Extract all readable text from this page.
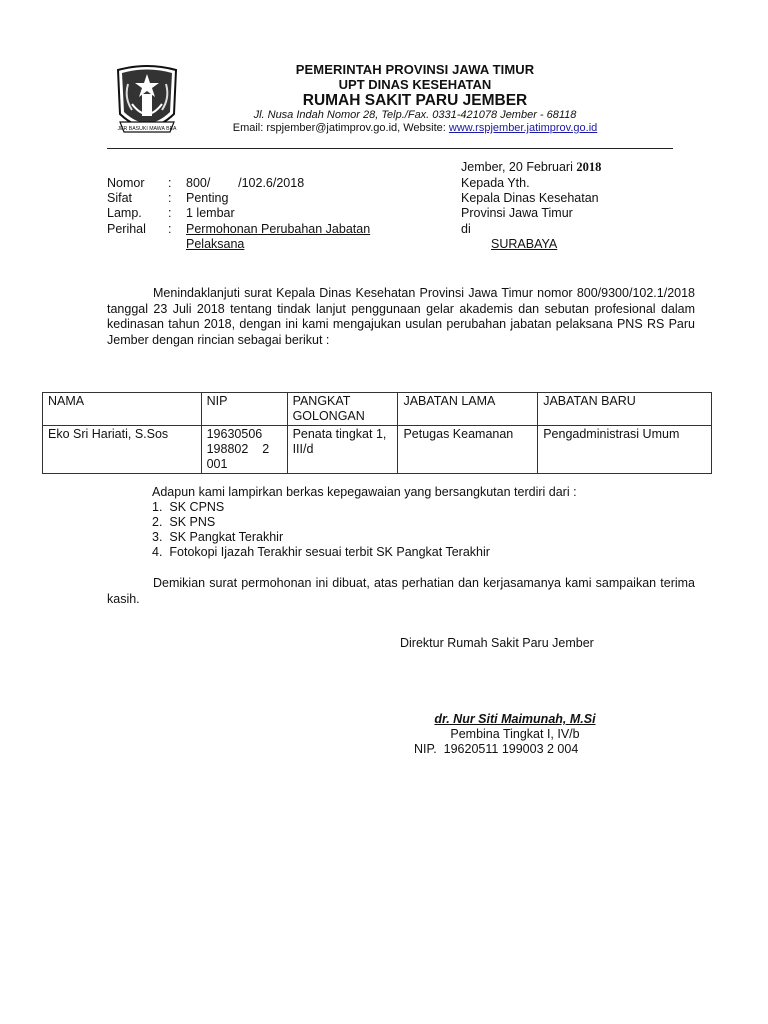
JER BASUKI MAWA BEA
PEMERINTAH PROVINSI JAWA TIMUR
UPT DINAS KESEHATAN
RUMAH SAKIT PARU JEMBER
Jl. Nusa Indah Nomor 28, Telp./Fax. 0331-421078 Jember - 68118
Email: rspjember@jatimprov.go.id, Website: www.rspjember.jatimprov.go.id
Jember, 20 Februari 2018
Nomor : 800/        /102.6/2018
Sifat	: Penting
Lamp. : 1 lembar
Perihal : Permohonan Perubahan Jabatan
Pelaksana
Kepada Yth.
Kepala Dinas Kesehatan
Provinsi Jawa Timur
di
SURABAYA
Menindaklanjuti surat Kepala Dinas Kesehatan Provinsi Jawa Timur nomor 800/9300/102.1/2018 tanggal 23 Juli 2018 tentang tindak lanjut penggunaan gelar akademis dan sebutan profesional dalam kedinasan tahun 2018, dengan ini kami mengajukan usulan perubahan jabatan pelaksana PNS RS Paru Jember dengan rincian sebagai berikut :
NAMA	NIP	PANGKAT GOLONGAN	JABATAN LAMA	JABATAN BARU
Eko Sri Hariati, S.Sos	19630506
198802    2
001	Penata tingkat 1, III/d	Petugas Keamanan	Pengadministrasi Umum
Adapun kami lampirkan berkas kepegawaian yang bersangkutan terdiri dari :
1. SK CPNS
2. SK PNS
3. SK Pangkat Terakhir
4. Fotokopi Ijazah Terakhir sesuai terbit SK Pangkat Terakhir
Demikian surat permohonan ini dibuat, atas perhatian dan kerjasamanya kami sampaikan terima kasih.
Direktur Rumah Sakit Paru Jember
dr. Nur Siti Maimunah, M.Si
Pembina Tingkat I, IV/b
NIP.  19620511 199003 2 004
